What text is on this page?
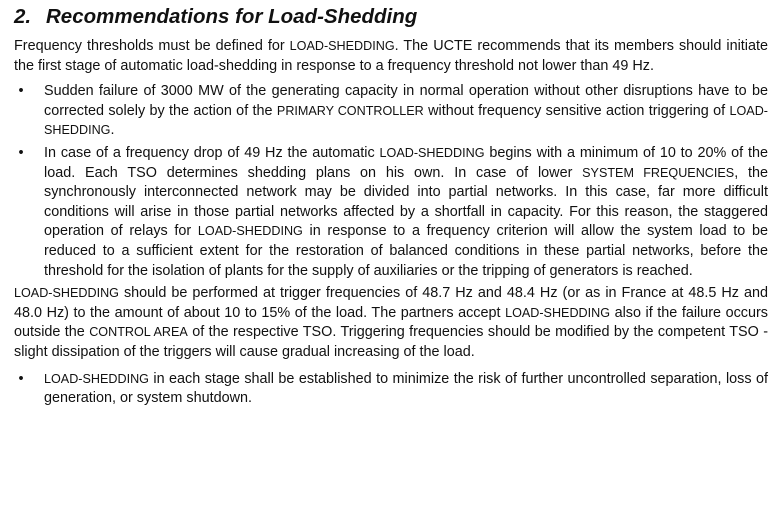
2. Recommendations for Load-Shedding

Frequency thresholds must be defined for LOAD-SHEDDING. The UCTE recommends that its members should initiate the first stage of automatic load-shedding in response to a frequency threshold not lower than 49 Hz.

•	Sudden failure of 3000 MW of the generating capacity in normal operation without other disruptions have to be corrected solely by the action of the PRIMARY CONTROLLER without frequency sensitive action triggering of LOAD-SHEDDING.
•	In case of a frequency drop of 49 Hz the automatic LOAD-SHEDDING begins with a minimum of 10 to 20% of the load. Each TSO determines shedding plans on his own. In case of lower SYSTEM FREQUENCIES, the synchronously interconnected network may be divided into partial networks. In this case, far more difficult conditions will arise in those partial networks affected by a shortfall in capacity. For this reason, the staggered operation of relays for LOAD-SHEDDING in response to a frequency criterion will allow the system load to be reduced to a sufficient extent for the restoration of balanced conditions in these partial networks, before the threshold for the isolation of plants for the supply of auxiliaries or the tripping of generators is reached.

LOAD-SHEDDING should be performed at trigger frequencies of 48.7 Hz and 48.4 Hz (or as in France at 48.5 Hz and 48.0 Hz) to the amount of about 10 to 15% of the load. The partners accept LOAD-SHEDDING also if the failure occurs outside the CONTROL AREA of the respective TSO. Triggering frequencies should be modified by the competent TSO - slight dissipation of the triggers will cause gradual increasing of the load.

•	LOAD-SHEDDING in each stage shall be established to minimize the risk of further uncontrolled separation, loss of generation, or system shutdown.
